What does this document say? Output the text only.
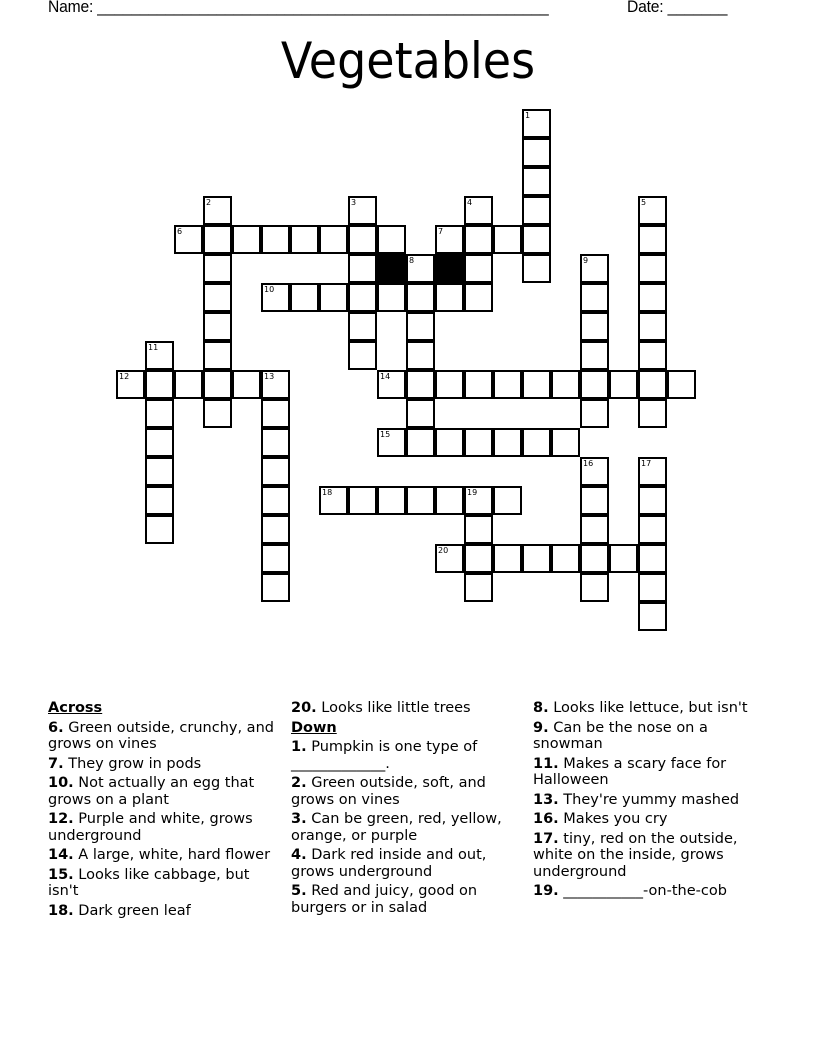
Name: _____________________________________________________	Date: _______
Vegetables
1
2	3	4	5
6	7
8	9
10
11
12	13	14
15
16	17
18	19
20
Across
6. Green outside, crunchy, and grows on vines
7. They grow in pods
10. Not actually an egg that grows on a plant
12. Purple and white, grows underground
14. A large, white, hard flower
15. Looks like cabbage, but isn't
18. Dark green leaf
20. Looks like little trees
Down
1. Pumpkin is one type of _____________.
2. Green outside, soft, and grows on vines
3. Can be green, red, yellow, orange, or purple
4. Dark red inside and out, grows underground
5. Red and juicy, good on burgers or in salad
8. Looks like lettuce, but isn't
9. Can be the nose on a snowman
11. Makes a scary face for Halloween
13. They're yummy mashed
16. Makes you cry
17. tiny, red on the outside, white on the inside, grows underground
19. ___________-on-the-cob
